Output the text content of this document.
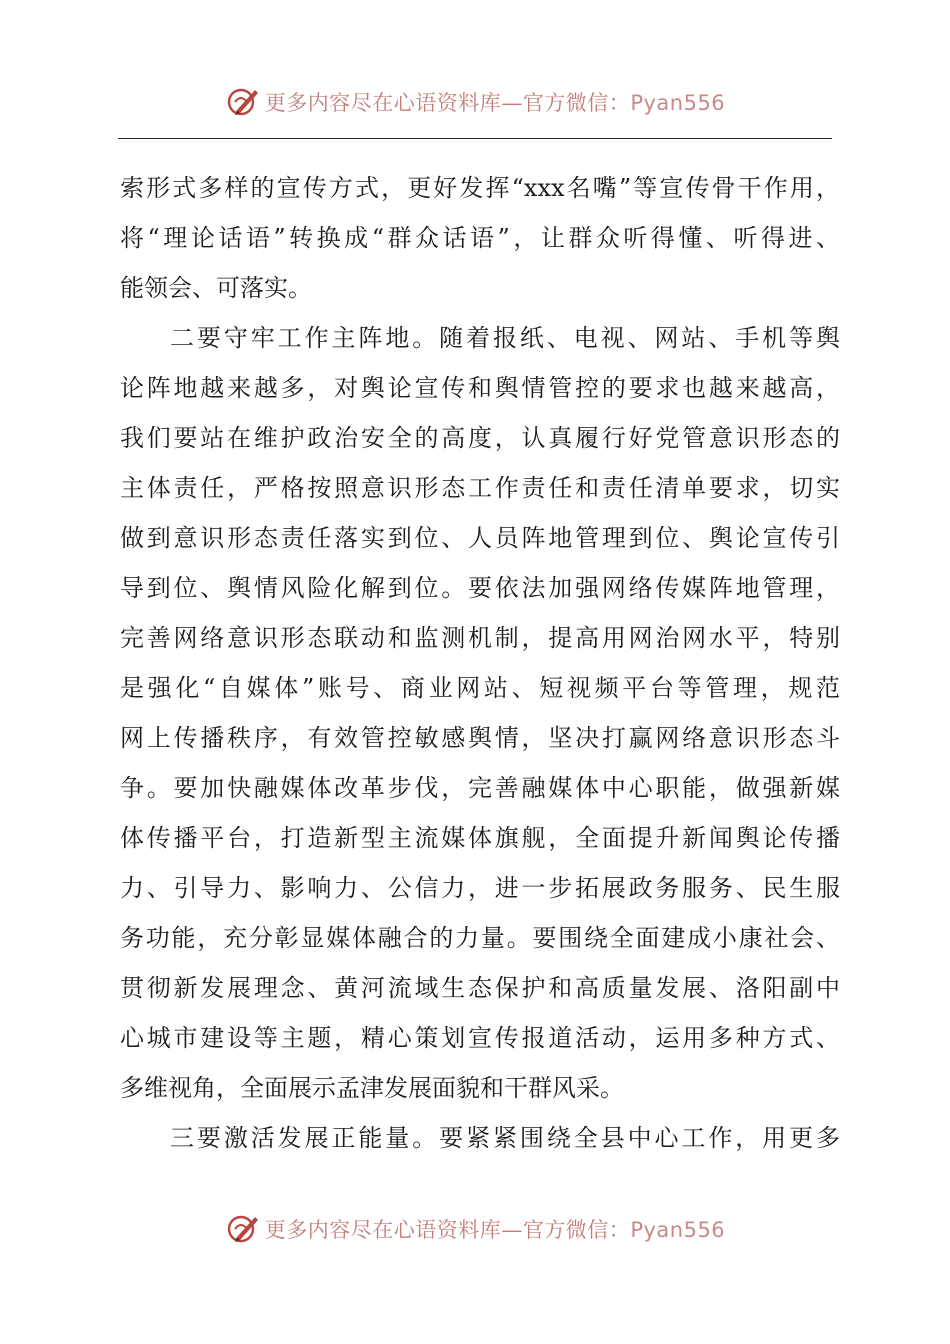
更多内容尽在心语资料库—官方微信：Pyan556
索形式多样的宣传方式，更好发挥“xxx名嘴”等宣传骨干作用，
将“理论话语”转换成“群众话语”，让群众听得懂、听得进、
能领会、可落实。
二要守牢工作主阵地。随着报纸、电视、网站、手机等舆
论阵地越来越多，对舆论宣传和舆情管控的要求也越来越高，
我们要站在维护政治安全的高度，认真履行好党管意识形态的
主体责任，严格按照意识形态工作责任和责任清单要求，切实
做到意识形态责任落实到位、人员阵地管理到位、舆论宣传引
导到位、舆情风险化解到位。要依法加强网络传媒阵地管理，
完善网络意识形态联动和监测机制，提高用网治网水平，特别
是强化“自媒体”账号、商业网站、短视频平台等管理，规范
网上传播秩序，有效管控敏感舆情，坚决打赢网络意识形态斗
争。要加快融媒体改革步伐，完善融媒体中心职能，做强新媒
体传播平台，打造新型主流媒体旗舰，全面提升新闻舆论传播
力、引导力、影响力、公信力，进一步拓展政务服务、民生服
务功能，充分彰显媒体融合的力量。要围绕全面建成小康社会、
贯彻新发展理念、黄河流域生态保护和高质量发展、洛阳副中
心城市建设等主题，精心策划宣传报道活动，运用多种方式、
多维视角，全面展示孟津发展面貌和干群风采。
三要激活发展正能量。要紧紧围绕全县中心工作，用更多
更多内容尽在心语资料库—官方微信：Pyan556
